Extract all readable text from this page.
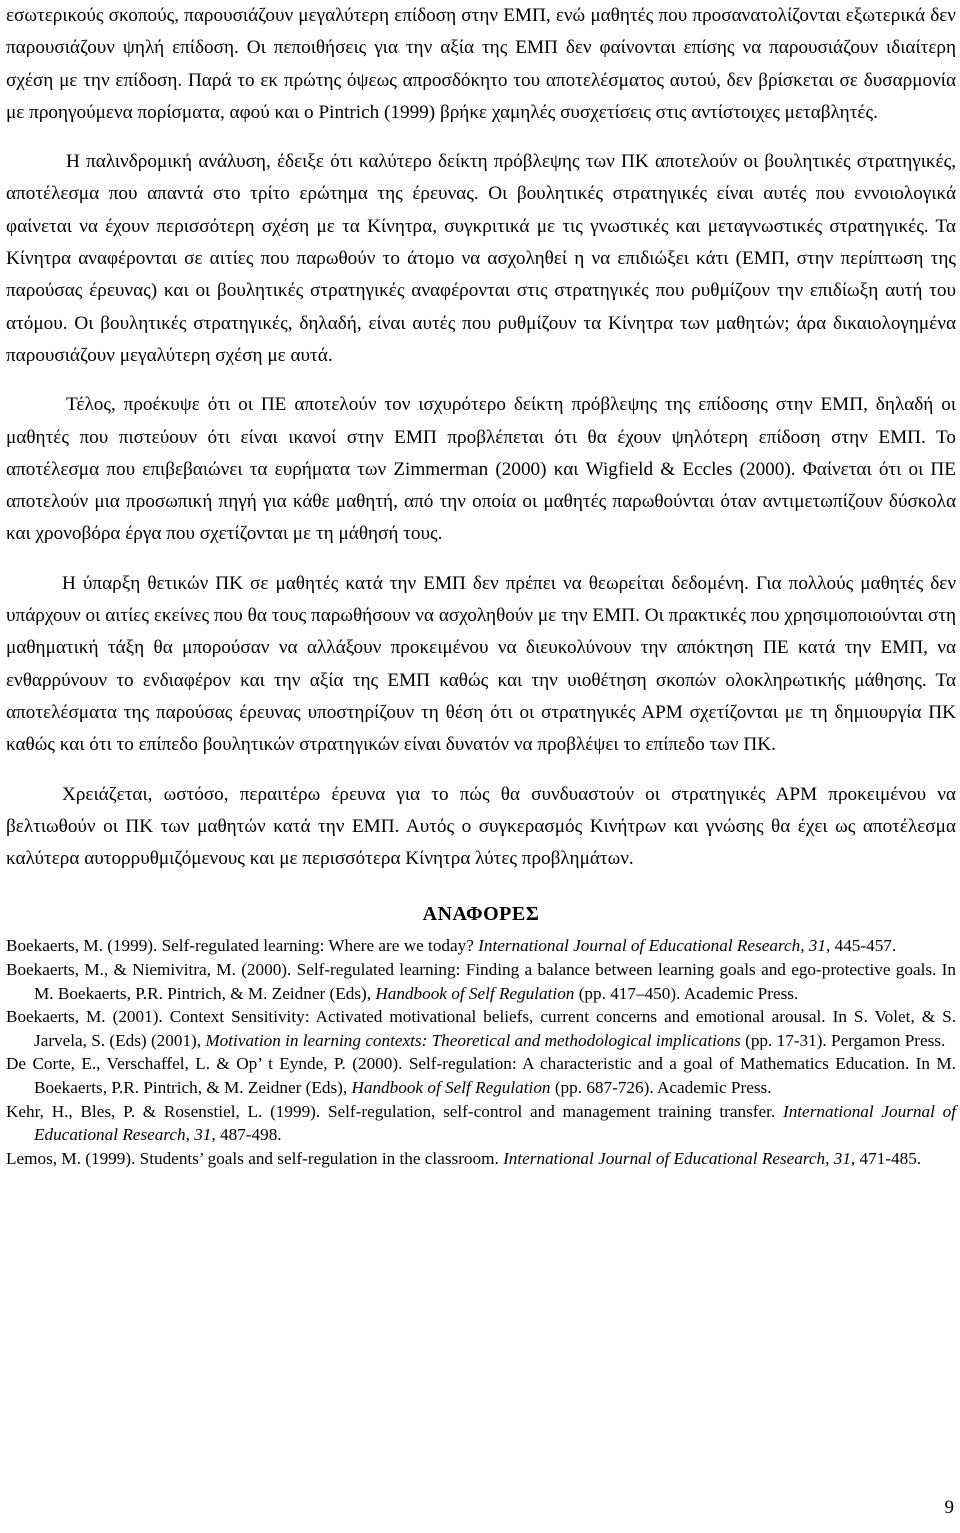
εσωτερικούς σκοπούς, παρουσιάζουν μεγαλύτερη επίδοση στην ΕΜΠ, ενώ μαθητές που προσανατολίζονται εξωτερικά δεν παρουσιάζουν ψηλή επίδοση. Οι πεποιθήσεις για την αξία της ΕΜΠ δεν φαίνονται επίσης να παρουσιάζουν ιδιαίτερη σχέση με την επίδοση. Παρά το εκ πρώτης όψεως απροσδόκητο του αποτελέσματος αυτού, δεν βρίσκεται σε δυσαρμονία με προηγούμενα πορίσματα, αφού και ο Pintrich (1999) βρήκε χαμηλές συσχετίσεις στις αντίστοιχες μεταβλητές.

Η παλινδρομική ανάλυση, έδειξε ότι καλύτερο δείκτη πρόβλεψης των ΠΚ αποτελούν οι βουλητικές στρατηγικές, αποτέλεσμα που απαντά στο τρίτο ερώτημα της έρευνας. Οι βουλητικές στρατηγικές είναι αυτές που εννοιολογικά φαίνεται να έχουν περισσότερη σχέση με τα Κίνητρα, συγκριτικά με τις γνωστικές και μεταγνωστικές στρατηγικές. Τα Κίνητρα αναφέρονται σε αιτίες που παρωθούν το άτομο να ασχοληθεί η να επιδιώξει κάτι (ΕΜΠ, στην περίπτωση της παρούσας έρευνας) και οι βουλητικές στρατηγικές αναφέρονται στις στρατηγικές που ρυθμίζουν την επιδίωξη αυτή του ατόμου. Οι βουλητικές στρατηγικές, δηλαδή, είναι αυτές που ρυθμίζουν τα Κίνητρα των μαθητών; άρα δικαιολογημένα παρουσιάζουν μεγαλύτερη σχέση με αυτά.

Τέλος, προέκυψε ότι οι ΠΕ αποτελούν τον ισχυρότερο δείκτη πρόβλεψης της επίδοσης στην ΕΜΠ, δηλαδή οι μαθητές που πιστεύουν ότι είναι ικανοί στην ΕΜΠ προβλέπεται ότι θα έχουν ψηλότερη επίδοση στην ΕΜΠ. Το αποτέλεσμα που επιβεβαιώνει τα ευρήματα των Zimmerman (2000) και Wigfield & Eccles (2000). Φαίνεται ότι οι ΠΕ αποτελούν μια προσωπική πηγή για κάθε μαθητή, από την οποία οι μαθητές παρωθούνται όταν αντιμετωπίζουν δύσκολα και χρονοβόρα έργα που σχετίζονται με τη μάθησή τους.

Η ύπαρξη θετικών ΠΚ σε μαθητές κατά την ΕΜΠ δεν πρέπει να θεωρείται δεδομένη. Για πολλούς μαθητές δεν υπάρχουν οι αιτίες εκείνες που θα τους παρωθήσουν να ασχοληθούν με την ΕΜΠ. Οι πρακτικές που χρησιμοποιούνται στη μαθηματική τάξη θα μπορούσαν να αλλάξουν προκειμένου να διευκολύνουν την απόκτηση ΠΕ κατά την ΕΜΠ, να ενθαρρύνουν το ενδιαφέρον και την αξία της ΕΜΠ καθώς και την υιοθέτηση σκοπών ολοκληρωτικής μάθησης. Τα αποτελέσματα της παρούσας έρευνας υποστηρίζουν τη θέση ότι οι στρατηγικές ΑΡΜ σχετίζονται με τη δημιουργία ΠΚ καθώς και ότι το επίπεδο βουλητικών στρατηγικών είναι δυνατόν να προβλέψει το επίπεδο των ΠΚ.

Χρειάζεται, ωστόσο, περαιτέρω έρευνα για το πώς θα συνδυαστούν οι στρατηγικές ΑΡΜ προκειμένου να βελτιωθούν οι ΠΚ των μαθητών κατά την ΕΜΠ. Αυτός ο συγκερασμός Κινήτρων και γνώσης θα έχει ως αποτέλεσμα καλύτερα αυτορρυθμιζόμενους και με περισσότερα Κίνητρα λύτες προβλημάτων.

ΑΝΑΦΟΡΕΣ

Boekaerts, M. (1999). Self-regulated learning: Where are we today? International Journal of Educational Research, 31, 445-457.

Boekaerts, M., & Niemivitra, M. (2000). Self-regulated learning: Finding a balance between learning goals and ego-protective goals. In M. Boekaerts, P.R. Pintrich, & M. Zeidner (Eds), Handbook of Self Regulation (pp. 417–450). Academic Press.

Boekaerts, M. (2001). Context Sensitivity: Activated motivational beliefs, current concerns and emotional arousal. In S. Volet, & S. Jarvela, S. (Eds) (2001), Motivation in learning contexts: Theoretical and methodological implications (pp. 17-31). Pergamon Press.

De Corte, E., Verschaffel, L. & Op’ t Eynde, P. (2000). Self-regulation: A characteristic and a goal of Mathematics Education. In M. Boekaerts, P.R. Pintrich, & M. Zeidner (Eds), Handbook of Self Regulation (pp. 687-726). Academic Press.

Kehr, H., Bles, P. & Rosenstiel, L. (1999). Self-regulation, self-control and management training transfer. International Journal of Educational Research, 31, 487-498.

Lemos, M. (1999). Students’ goals and self-regulation in the classroom. International Journal of Educational Research, 31, 471-485.

9
